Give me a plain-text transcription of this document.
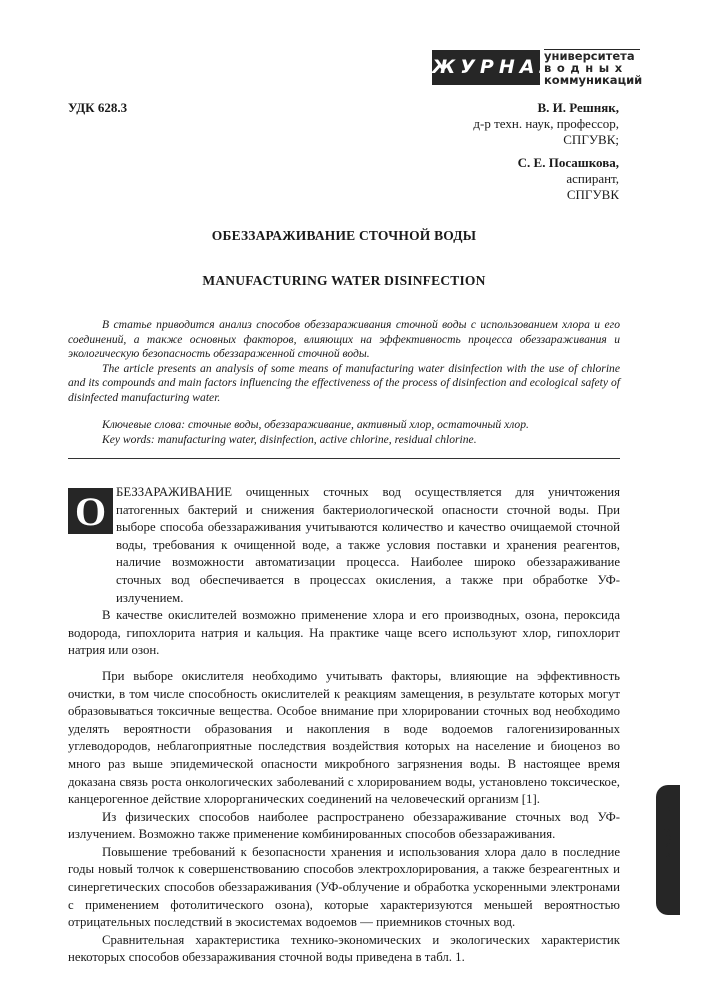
ЖУРНАЛ
университета
водных
коммуникаций
УДК 628.3	В. И. Решняк,
д-р техн. наук, профессор,
СПГУВК;
С. Е. Посашкова,
аспирант,
СПГУВК
ОБЕЗЗАРАЖИВАНИЕ СТОЧНОЙ ВОДЫ
MANUFACTURING WATER DISINFECTION

В статье приводится анализ способов обеззараживания сточной воды с использованием хлора и его соединений, а также основных факторов, влияющих на эффективность процесса обеззараживания и экологическую безопасность обеззараженной сточной воды.

The article presents an analysis of some means of manufacturing water disinfection with the use of chlorine and its compounds and main factors influencing the effectiveness of the process of disinfection and ecological safety of disinfected manufacturing water.

Ключевые слова: сточные воды, обеззараживание, активный хлор, остаточный хлор.
Key words: manufacturing water, disinfection, active chlorine, residual chlorine.
О БЕЗЗАРАЖИВАНИЕ очищенных сточных вод осуществляется для уничтожения патогенных бактерий и снижения бактериологической опасности сточной воды. При выборе способа обеззараживания учитываются количество и качество очищаемой сточной воды, требования к очищенной воде, а также условия поставки и хранения реагентов, наличие возможности автоматизации процесса. Наиболее широко обеззараживание сточных вод обеспечивается в процессах окисления, а также при обработке УФ-излучением.

В качестве окислителей возможно применение хлора и его производных, озона, пероксида водорода, гипохлорита натрия и кальция. На практике чаще всего используют хлор, гипохлорит натрия или озон.

При выборе окислителя необходимо учитывать факторы, влияющие на эффективность очистки, в том числе способность окислителей к реакциям замещения, в результате которых могут образовываться токсичные вещества. Особое внимание при хлорировании сточных вод необходимо уделять вероятности образования и накопления в воде водоемов галогенизированных углеводородов, неблагоприятные последствия воздействия которых на население и биоценоз во много раз выше эпидемической опасности микробного загрязнения воды. В настоящее время доказана связь роста онкологических заболеваний с хлорированием воды, установлено токсическое, канцерогенное действие хлорорганических соединений на человеческий организм [1].

Из физических способов наиболее распространено обеззараживание сточных вод УФ-излучением. Возможно также применение комбинированных способов обеззараживания.

Повышение требований к безопасности хранения и использования хлора дало в последние годы новый толчок к совершенствованию способов электрохлорирования, а также безреагентных и синергетических способов обеззараживания (УФ-облучение и обработка ускоренными электронами с применением фотолитического озона), которые характеризуются меньшей вероятностью отрицательных последствий в экосистемах водоемов — приемников сточных вод.

Сравнительная характеристика технико-экономических и экологических характеристик некоторых способов обеззараживания сточной воды приведена в табл. 1.

Выпуск 2
